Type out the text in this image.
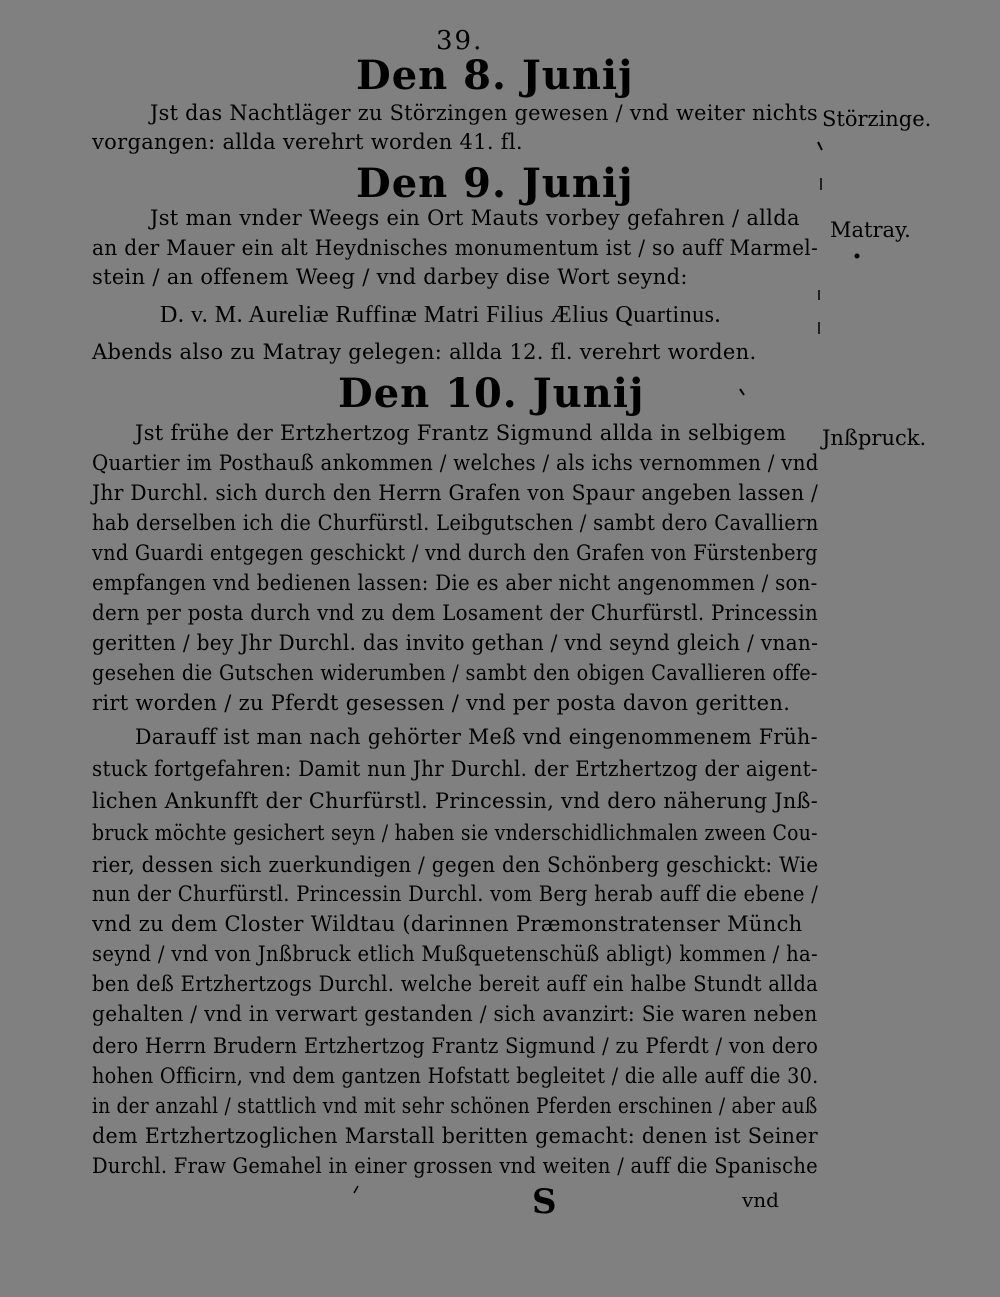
39.
Den 8. Junij
Jst das Nachtläger zu Störzingen gewesen / vnd weiter nichts
vorgangen: allda verehrt worden 41. fl.
Störzinge.
Den 9. Junij
Jst man vnder Weegs ein Ort Mauts vorbey gefahren / allda
an der Mauer ein alt Heydnisches monumentum ist / so auff Marmel-
stein / an offenem Weeg / vnd darbey dise Wort seynd:
D. v. M. Aureliæ Ruffinæ Matri Filius Ælius Quartinus.
Abends also zu Matray gelegen: allda 12. fl. verehrt worden.
Matray.
Den 10. Junij
Jnßpruck.
Jst frühe der Ertzhertzog Frantz Sigmund allda in selbigem
Quartier im Posthauß ankommen / welches / als ichs vernommen / vnd
Jhr Durchl. sich durch den Herrn Grafen von Spaur angeben lassen /
hab derselben ich die Churfürstl. Leibgutschen / sambt dero Cavalliern
vnd Guardi entgegen geschickt / vnd durch den Grafen von Fürstenberg
empfangen vnd bedienen lassen: Die es aber nicht angenommen / son-
dern per posta durch vnd zu dem Losament der Churfürstl. Princessin
geritten / bey Jhr Durchl. das invito gethan / vnd seynd gleich / vnan-
gesehen die Gutschen widerumben / sambt den obigen Cavallieren offe-
rirt worden / zu Pferdt gesessen / vnd per posta davon geritten.
Darauff ist man nach gehörter Meß vnd eingenommenem Früh-
stuck fortgefahren: Damit nun Jhr Durchl. der Ertzhertzog der aigent-
lichen Ankunfft der Churfürstl. Princessin, vnd dero näherung Jnß-
bruck möchte gesichert seyn / haben sie vnderschidlichmalen zween Cou-
rier, dessen sich zuerkundigen / gegen den Schönberg geschickt: Wie
nun der Churfürstl. Princessin Durchl. vom Berg herab auff die ebene /
vnd zu dem Closter Wildtau (darinnen Præmonstratenser Münch
seynd / vnd von Jnßbruck etlich Mußquetenschüß abligt) kommen / ha-
ben deß Ertzhertzogs Durchl. welche bereit auff ein halbe Stundt allda
gehalten / vnd in verwart gestanden / sich avanzirt: Sie waren neben
dero Herrn Brudern Ertzhertzog Frantz Sigmund / zu Pferdt / von dero
hohen Officirn, vnd dem gantzen Hofstatt begleitet / die alle auff die 30.
in der anzahl / stattlich vnd mit sehr schönen Pferden erschinen / aber auß
dem Ertzhertzoglichen Marstall beritten gemacht: denen ist Seiner
Durchl. Fraw Gemahel in einer grossen vnd weiten / auff die Spanische
S	vnd
